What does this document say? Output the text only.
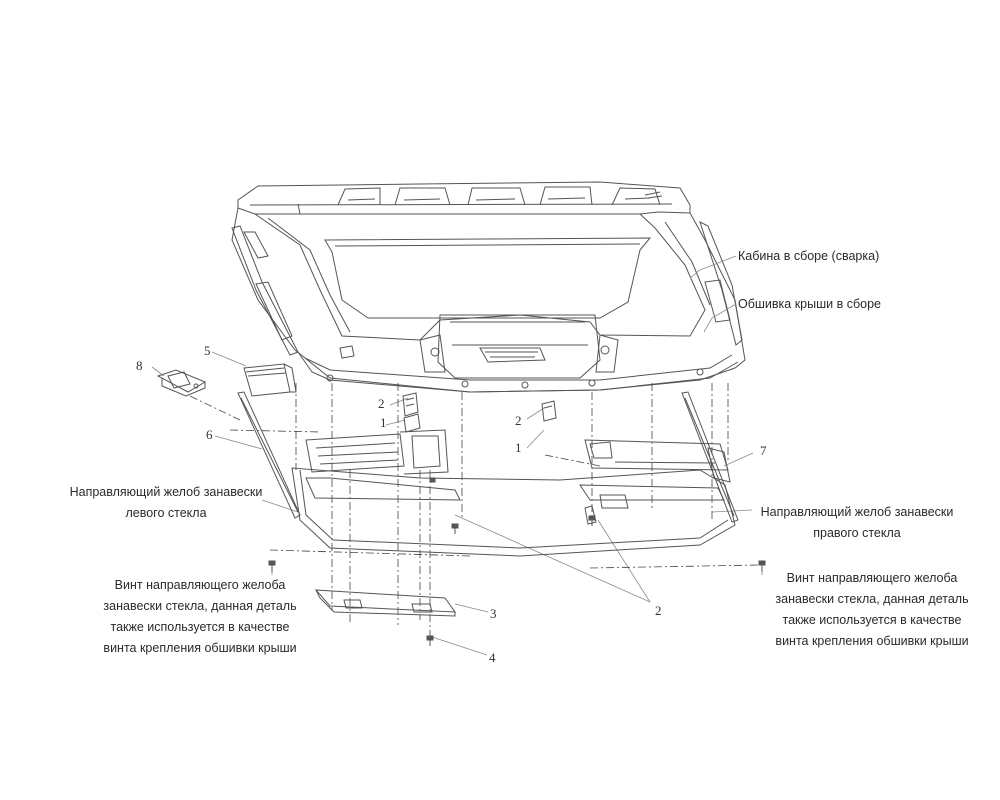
Кабина в сборе (сварка)
Обшивка крыши в сборе
Направляющий желоб занавески
левого стекла	Направляющий желоб занавески
правого стекла
Винт направляющего желоба
занавески стекла, данная деталь
также используется в качестве
винта крепления обшивки крыши
Винт направляющего желоба
занавески стекла, данная деталь
также используется в качестве
винта крепления обшивки крыши
8
5
6
2
1	2
1	7
2
3
4
